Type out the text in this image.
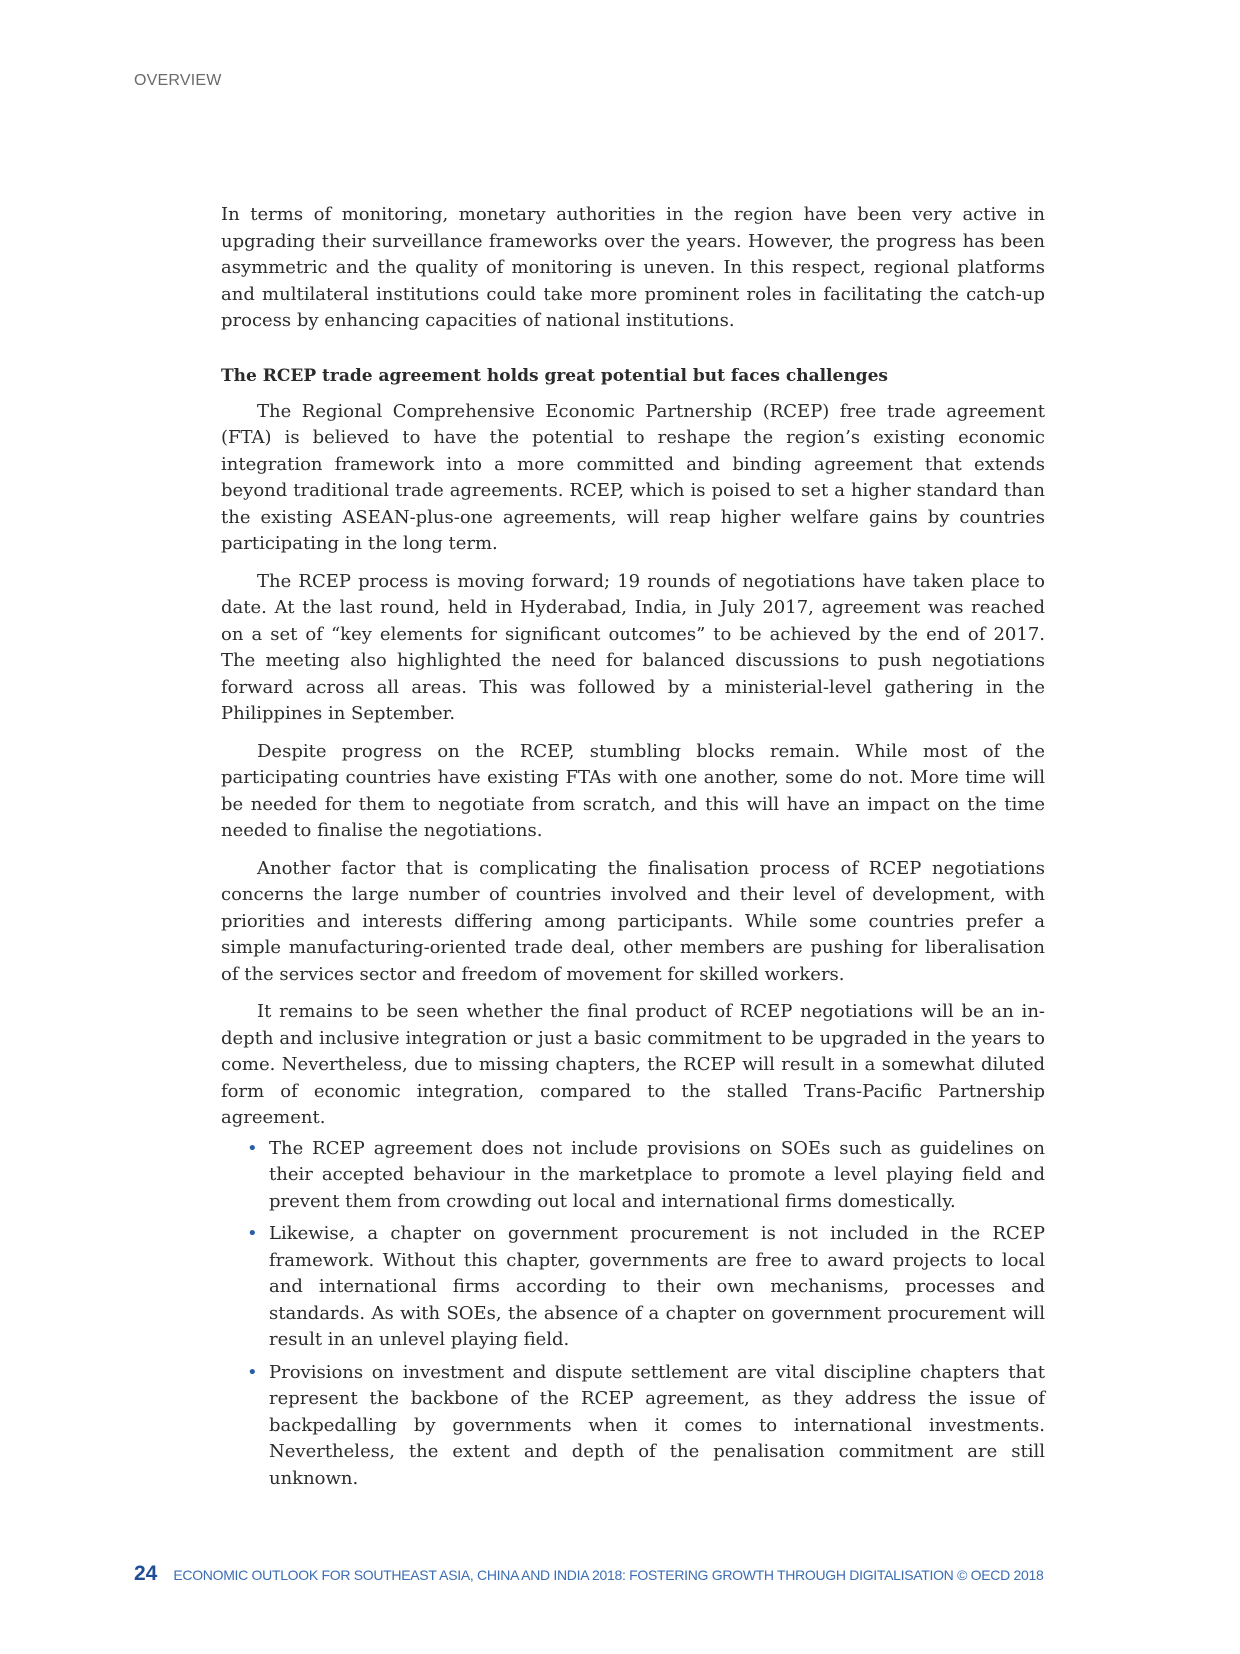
OVERVIEW

In terms of monitoring, monetary authorities in the region have been very active in upgrading their surveillance frameworks over the years. However, the progress has been asymmetric and the quality of monitoring is uneven. In this respect, regional platforms and multilateral institutions could take more prominent roles in facilitating the catch-up process by enhancing capacities of national institutions.

The RCEP trade agreement holds great potential but faces challenges

The Regional Comprehensive Economic Partnership (RCEP) free trade agreement (FTA) is believed to have the potential to reshape the region’s existing economic integration framework into a more committed and binding agreement that extends beyond traditional trade agreements. RCEP, which is poised to set a higher standard than the existing ASEAN-plus-one agreements, will reap higher welfare gains by countries participating in the long term.

The RCEP process is moving forward; 19 rounds of negotiations have taken place to date. At the last round, held in Hyderabad, India, in July 2017, agreement was reached on a set of “key elements for significant outcomes” to be achieved by the end of 2017. The meeting also highlighted the need for balanced discussions to push negotiations forward across all areas. This was followed by a ministerial-level gathering in the Philippines in September.

Despite progress on the RCEP, stumbling blocks remain. While most of the participating countries have existing FTAs with one another, some do not. More time will be needed for them to negotiate from scratch, and this will have an impact on the time needed to finalise the negotiations.

Another factor that is complicating the finalisation process of RCEP negotiations concerns the large number of countries involved and their level of development, with priorities and interests differing among participants. While some countries prefer a simple manufacturing-oriented trade deal, other members are pushing for liberalisation of the services sector and freedom of movement for skilled workers.

It remains to be seen whether the final product of RCEP negotiations will be an in-depth and inclusive integration or just a basic commitment to be upgraded in the years to come. Nevertheless, due to missing chapters, the RCEP will result in a somewhat diluted form of economic integration, compared to the stalled Trans-Pacific Partnership agreement.

• The RCEP agreement does not include provisions on SOEs such as guidelines on their accepted behaviour in the marketplace to promote a level playing field and prevent them from crowding out local and international firms domestically.
• Likewise, a chapter on government procurement is not included in the RCEP framework. Without this chapter, governments are free to award projects to local and international firms according to their own mechanisms, processes and standards. As with SOEs, the absence of a chapter on government procurement will result in an unlevel playing field.
• Provisions on investment and dispute settlement are vital discipline chapters that represent the backbone of the RCEP agreement, as they address the issue of backpedalling by governments when it comes to international investments. Nevertheless, the extent and depth of the penalisation commitment are still unknown.
24 ECONOMIC OUTLOOK FOR SOUTHEAST ASIA, CHINA AND INDIA 2018: FOSTERING GROWTH THROUGH DIGITALISATION © OECD 2018
